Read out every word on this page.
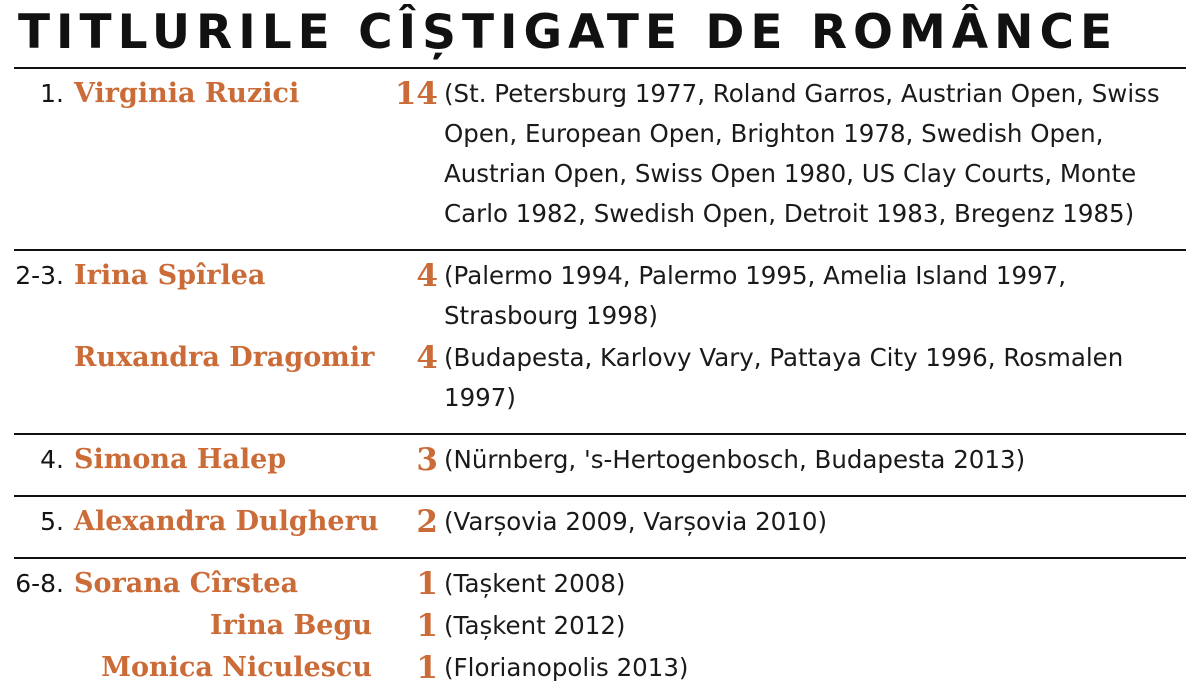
TITLURILE CÎȘTIGATE DE ROMÂNCE
1. Virginia Ruzici	14 (St. Petersburg 1977, Roland Garros, Austrian Open, Swiss Open, European Open, Brighton 1978, Swedish Open, Austrian Open, Swiss Open 1980, US Clay Courts, Monte Carlo 1982, Swedish Open, Detroit 1983, Bregenz 1985)
2-3. Irina Spîrlea	4 (Palermo 1994, Palermo 1995, Amelia Island 1997, Strasbourg 1998)
Ruxandra Dragomir	4 (Budapesta, Karlovy Vary, Pattaya City 1996, Rosmalen 1997)
4. Simona Halep	3 (Nürnberg, 's-Hertogenbosch, Budapesta 2013)
5. Alexandra Dulgheru	2 (Varșovia 2009, Varșovia 2010)
6-8. Sorana Cîrstea	1 (Tașkent 2008)
Irina Begu	1 (Tașkent 2012)
Monica Niculescu	1 (Florianopolis 2013)
